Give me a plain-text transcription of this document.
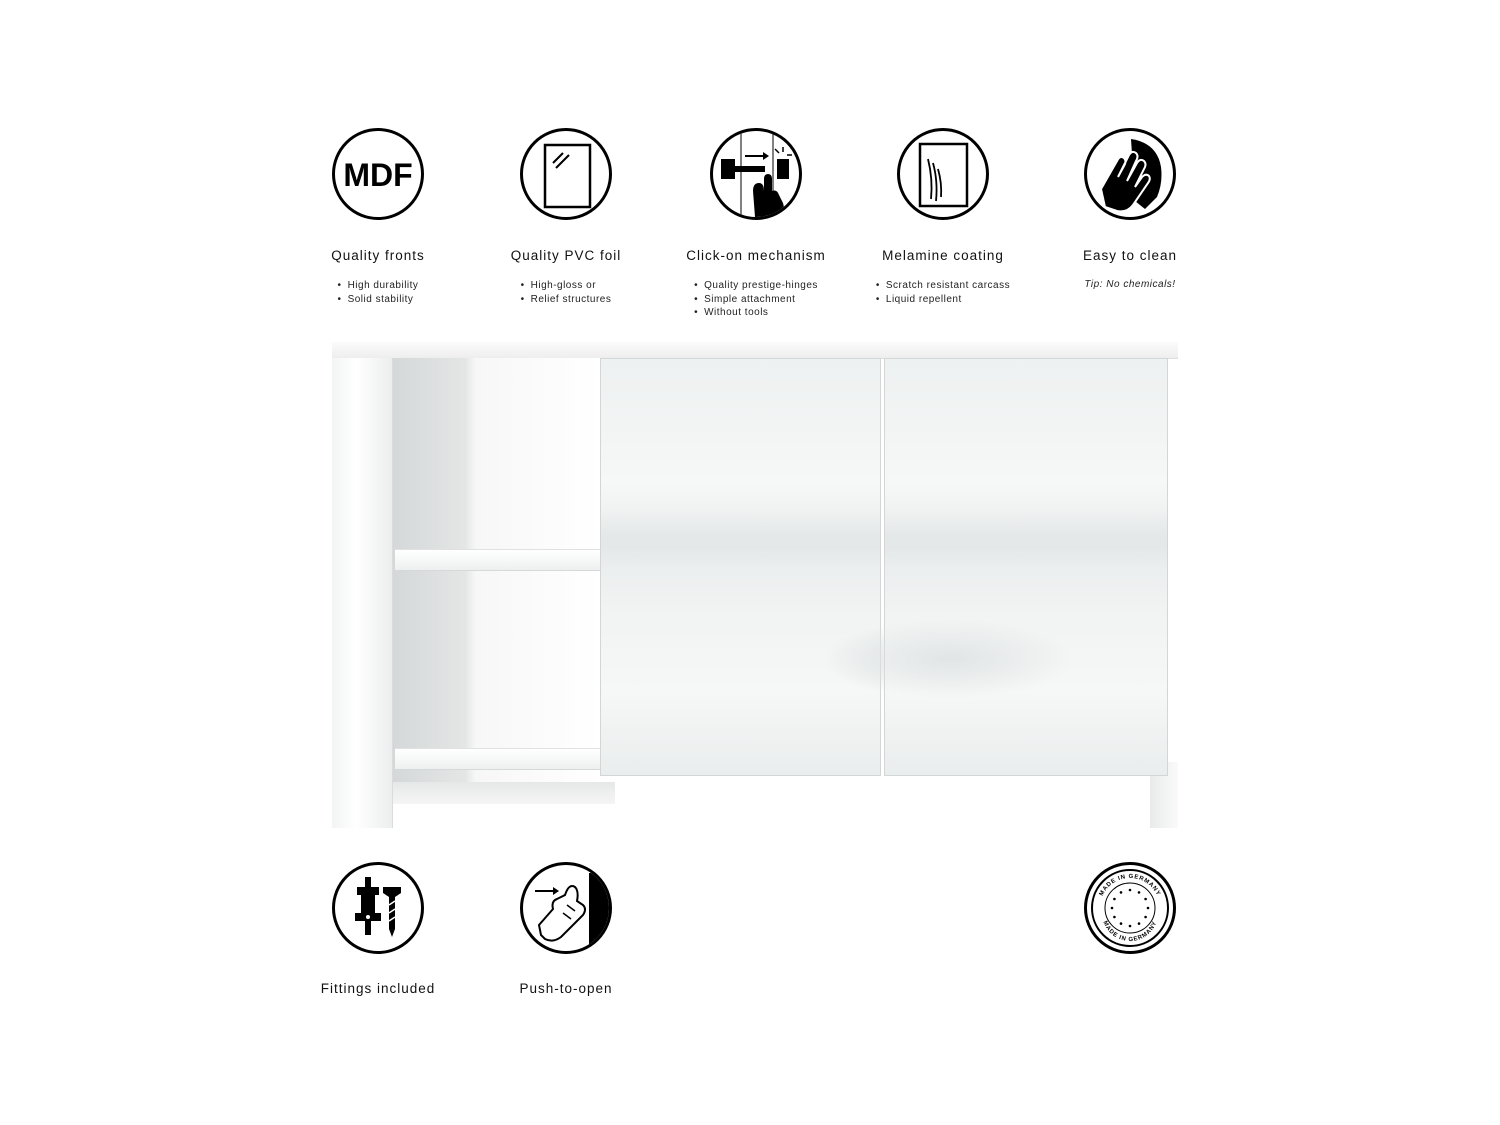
MDF
Quality fronts
• High durability
• Solid stability
Quality PVC foil
• High-gloss or
• Relief structures
Click-on mechanism
• Quality prestige-hinges
• Simple attachment
• Without tools
Melamine coating
• Scratch resistant carcass
• Liquid repellent
Easy to clean
Tip: No chemicals!
Fittings included	Push-to-open
MADE IN GERMANY
MADE IN GERMANY
